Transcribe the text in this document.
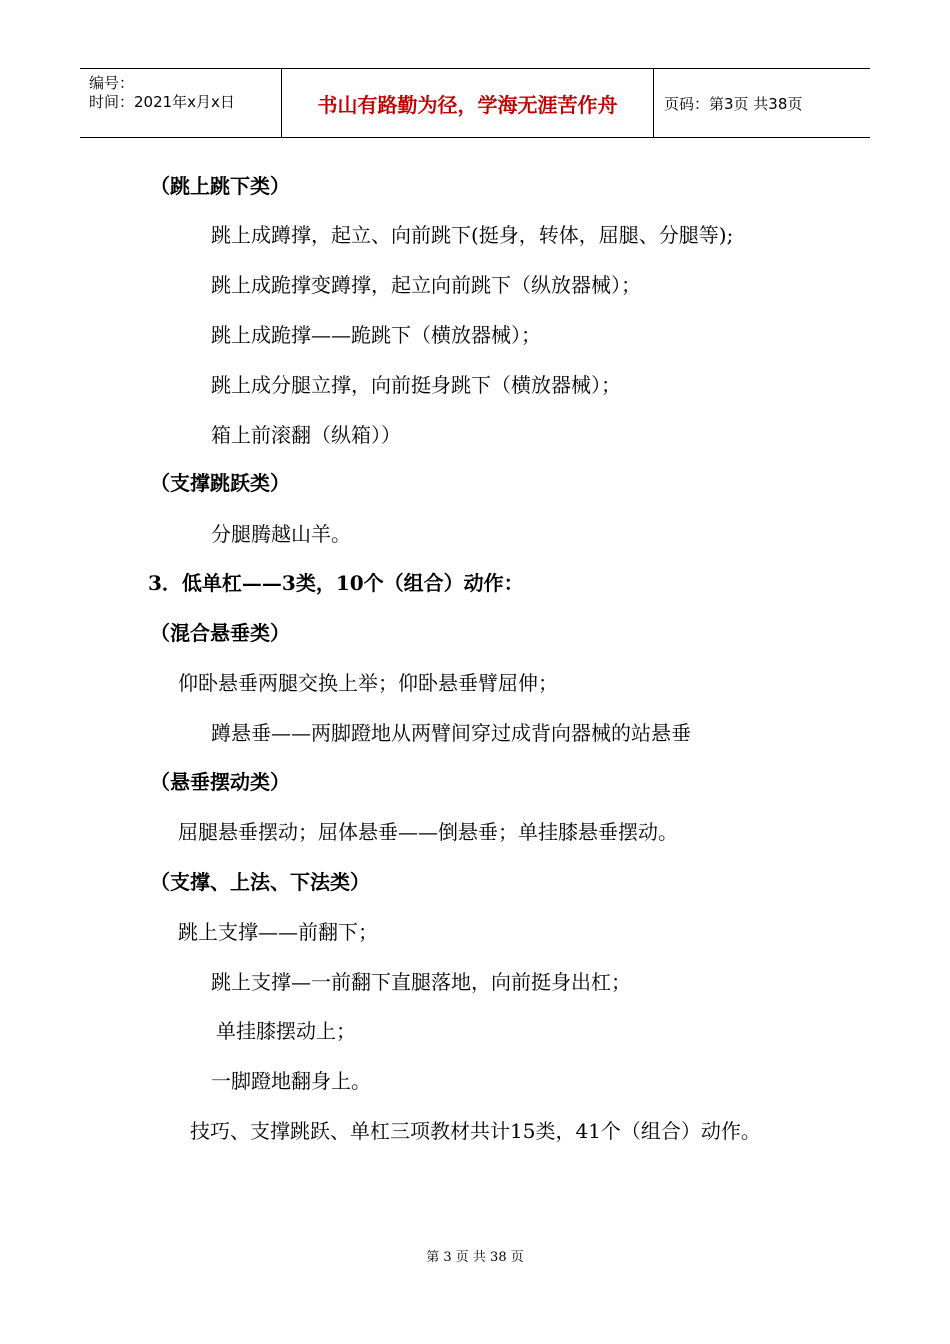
编号：
时间：2021年x月x日	书山有路勤为径，学海无涯苦作舟	页码：第3页 共38页
（跳上跳下类）
跳上成蹲撑，起立、向前跳下(挺身，转体，屈腿、分腿等);
跳上成跪撑变蹲撑，起立向前跳下（纵放器械）；
跳上成跪撑——跪跳下（横放器械）；
跳上成分腿立撑，向前挺身跳下（横放器械）；
箱上前滚翻（纵箱））
（支撑跳跃类）
分腿腾越山羊。
3．低单杠——3类，10个（组合）动作：
（混合悬垂类）
仰卧悬垂两腿交换上举；仰卧悬垂臂屈伸；
蹲悬垂——两脚蹬地从两臂间穿过成背向器械的站悬垂
（悬垂摆动类）
屈腿悬垂摆动；屈体悬垂——倒悬垂；单挂膝悬垂摆动。
（支撑、上法、下法类）
跳上支撑——前翻下；
跳上支撑—一前翻下直腿落地，向前挺身出杠；
单挂膝摆动上；
一脚蹬地翻身上。
技巧、支撑跳跃、单杠三项教材共计15类，41个（组合）动作。
第 3 页 共 38 页
